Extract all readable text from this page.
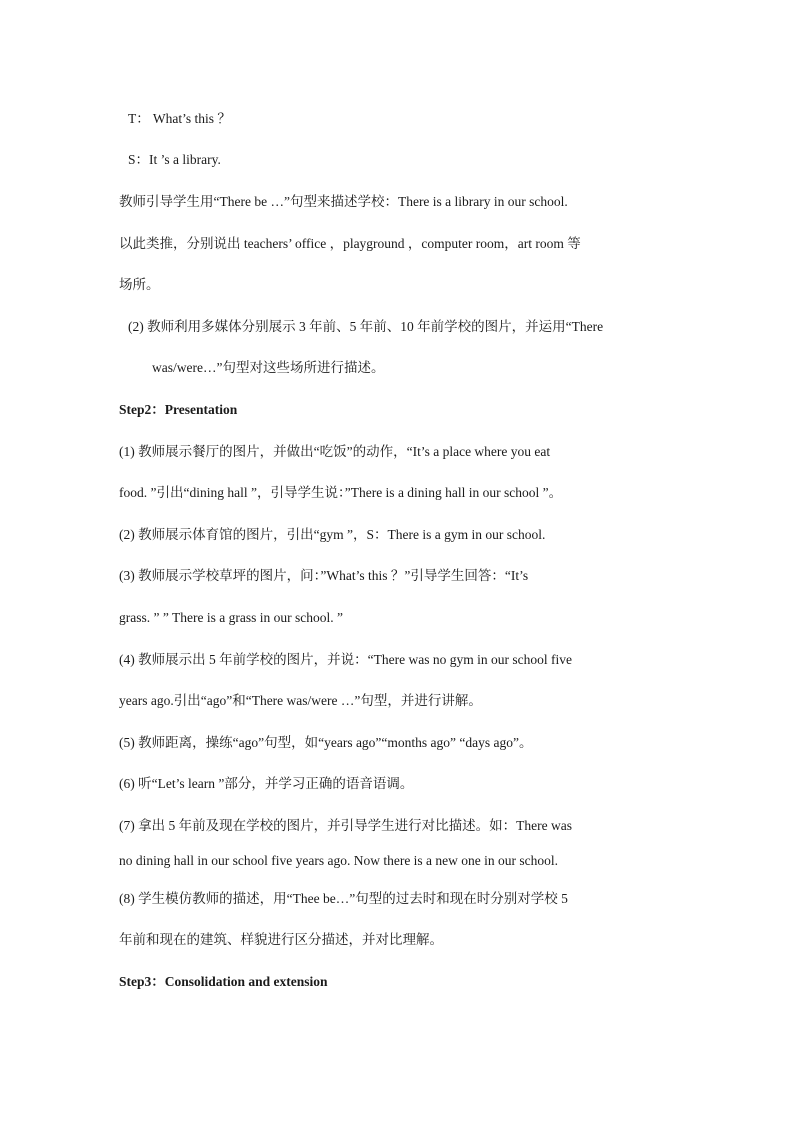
T： What’s this ？
S：It ’s a library.
教师引导学生用“There be …”句型来描述学校：There is a library in our school.
以此类推，分别说出 teachers’ office ，playground ，computer room，art room 等
场所。
(2) 教师利用多媒体分别展示 3 年前、5 年前、10 年前学校的图片，并运用“There
was/were…”句型对这些场所进行描述。
Step2：Presentation
(1) 教师展示餐厅的图片，并做出“吃饭”的动作，“It’s a place where you eat
food. ”引出“dining hall ”，引导学生说：”There is a dining hall in our school ”。
(2) 教师展示体育馆的图片，引出“gym ”，S：There is a gym in our school.
(3) 教师展示学校草坪的图片，问：”What’s this ？”引导学生回答：“It’s
grass. ” ” There is a grass in our school. ”
(4) 教师展示出 5 年前学校的图片，并说：“There was no gym in our school five
years ago.引出“ago”和“There was/were …”句型，并进行讲解。
(5) 教师距离，操练“ago”句型，如“years ago”“months ago” “days ago”。
(6) 听“Let’s learn ”部分，并学习正确的语音语调。
(7) 拿出 5 年前及现在学校的图片，并引导学生进行对比描述。如：There was
no dining hall in our school five years ago. Now there is a new one in our school.
(8) 学生模仿教师的描述，用“Thee be…”句型的过去时和现在时分别对学校 5
年前和现在的建筑、样貌进行区分描述，并对比理解。
Step3：Consolidation and extension
